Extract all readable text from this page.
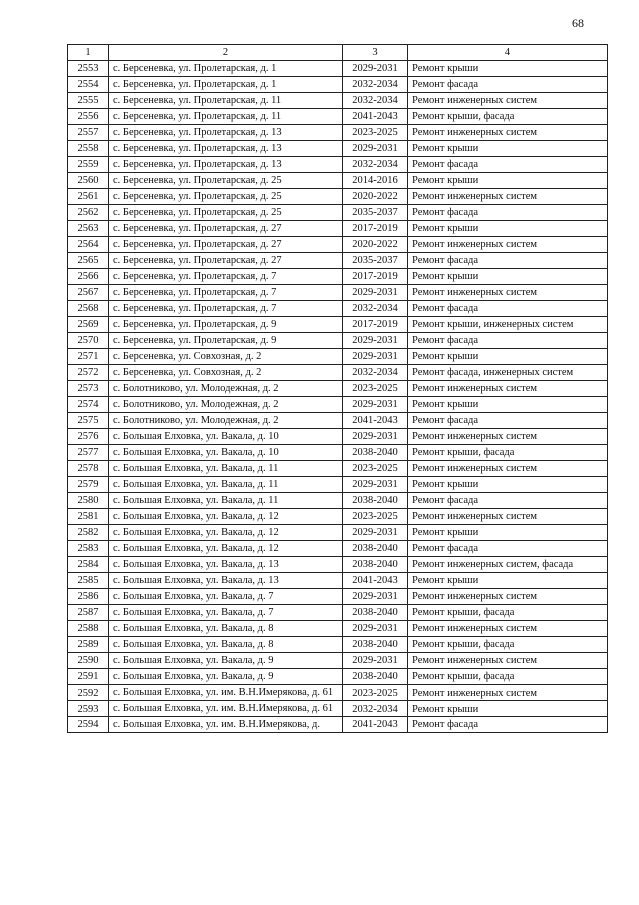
68
1	2	3	4
2553	с. Берсеневка, ул. Пролетарская, д. 1	2029-2031	Ремонт крыши
2554	с. Берсеневка, ул. Пролетарская, д. 1	2032-2034	Ремонт фасада
2555	с. Берсеневка, ул. Пролетарская, д. 11	2032-2034	Ремонт инженерных систем
2556	с. Берсеневка, ул. Пролетарская, д. 11	2041-2043	Ремонт крыши, фасада
2557	с. Берсеневка, ул. Пролетарская, д. 13	2023-2025	Ремонт инженерных систем
2558	с. Берсеневка, ул. Пролетарская, д. 13	2029-2031	Ремонт крыши
2559	с. Берсеневка, ул. Пролетарская, д. 13	2032-2034	Ремонт фасада
2560	с. Берсеневка, ул. Пролетарская, д. 25	2014-2016	Ремонт крыши
2561	с. Берсеневка, ул. Пролетарская, д. 25	2020-2022	Ремонт инженерных систем
2562	с. Берсеневка, ул. Пролетарская, д. 25	2035-2037	Ремонт фасада
2563	с. Берсеневка, ул. Пролетарская, д. 27	2017-2019	Ремонт крыши
2564	с. Берсеневка, ул. Пролетарская, д. 27	2020-2022	Ремонт инженерных систем
2565	с. Берсеневка, ул. Пролетарская, д. 27	2035-2037	Ремонт фасада
2566	с. Берсеневка, ул. Пролетарская, д. 7	2017-2019	Ремонт крыши
2567	с. Берсеневка, ул. Пролетарская, д. 7	2029-2031	Ремонт инженерных систем
2568	с. Берсеневка, ул. Пролетарская, д. 7	2032-2034	Ремонт фасада
2569	с. Берсеневка, ул. Пролетарская, д. 9	2017-2019	Ремонт крыши, инженерных систем
2570	с. Берсеневка, ул. Пролетарская, д. 9	2029-2031	Ремонт фасада
2571	с. Берсеневка, ул. Совхозная, д. 2	2029-2031	Ремонт крыши
2572	с. Берсеневка, ул. Совхозная, д. 2	2032-2034	Ремонт фасада, инженерных систем
2573	с. Болотниково, ул. Молодежная, д. 2	2023-2025	Ремонт инженерных систем
2574	с. Болотниково, ул. Молодежная, д. 2	2029-2031	Ремонт крыши
2575	с. Болотниково, ул. Молодежная, д. 2	2041-2043	Ремонт фасада
2576	с. Большая Елховка, ул. Вакала, д. 10	2029-2031	Ремонт инженерных систем
2577	с. Большая Елховка, ул. Вакала, д. 10	2038-2040	Ремонт крыши, фасада
2578	с. Большая Елховка, ул. Вакала, д. 11	2023-2025	Ремонт инженерных систем
2579	с. Большая Елховка, ул. Вакала, д. 11	2029-2031	Ремонт крыши
2580	с. Большая Елховка, ул. Вакала, д. 11	2038-2040	Ремонт фасада
2581	с. Большая Елховка, ул. Вакала, д. 12	2023-2025	Ремонт инженерных систем
2582	с. Большая Елховка, ул. Вакала, д. 12	2029-2031	Ремонт крыши
2583	с. Большая Елховка, ул. Вакала, д. 12	2038-2040	Ремонт фасада
2584	с. Большая Елховка, ул. Вакала, д. 13	2038-2040	Ремонт инженерных систем, фасада
2585	с. Большая Елховка, ул. Вакала, д. 13	2041-2043	Ремонт крыши
2586	с. Большая Елховка, ул. Вакала, д. 7	2029-2031	Ремонт инженерных систем
2587	с. Большая Елховка, ул. Вакала, д. 7	2038-2040	Ремонт крыши, фасада
2588	с. Большая Елховка, ул. Вакала, д. 8	2029-2031	Ремонт инженерных систем
2589	с. Большая Елховка, ул. Вакала, д. 8	2038-2040	Ремонт крыши, фасада
2590	с. Большая Елховка, ул. Вакала, д. 9	2029-2031	Ремонт инженерных систем
2591	с. Большая Елховка, ул. Вакала, д. 9	2038-2040	Ремонт крыши, фасада
2592	с. Большая Елховка, ул. им. В.Н.Имерякова, д. 61	2023-2025	Ремонт инженерных систем
2593	с. Большая Елховка, ул. им. В.Н.Имерякова, д. 61	2032-2034	Ремонт крыши
2594	с. Большая Елховка, ул. им. В.Н.Имерякова, д.	2041-2043	Ремонт фасада
